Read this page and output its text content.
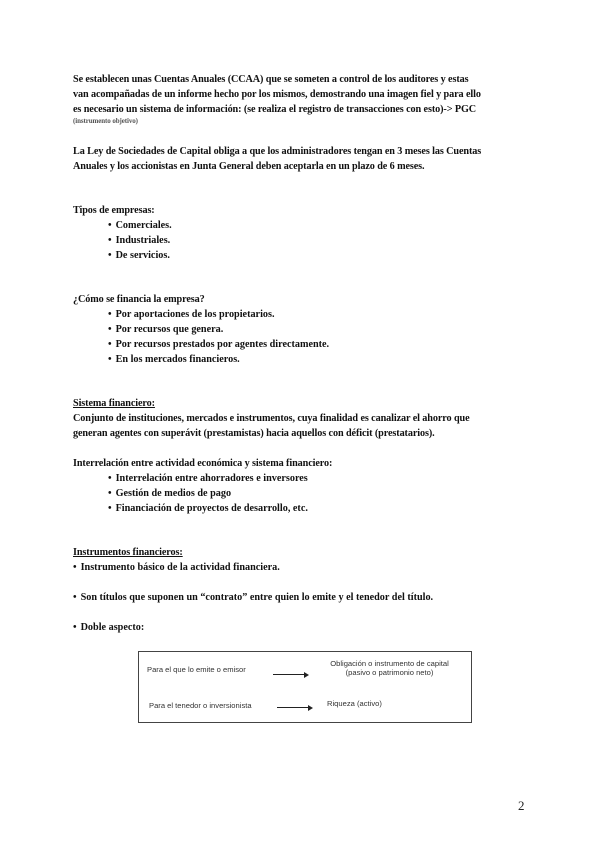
Se establecen unas Cuentas Anuales (CCAA) que se someten a control de los auditores y estas
van acompañadas de un informe hecho por los mismos, demostrando una imagen fiel y para ello
es necesario un sistema de información: (se realiza el registro de transacciones con esto)-> PGC
(instrumento objetivo)
La Ley de Sociedades de Capital obliga a que los administradores tengan en 3 meses las Cuentas
Anuales y los accionistas en Junta General deben aceptarla en un plazo de 6 meses.
Tipos de empresas:
• Comerciales.
• Industriales.
• De servicios.
¿Cómo se financia la empresa?
• Por aportaciones de los propietarios.
• Por recursos que genera.
• Por recursos prestados por agentes directamente.
• En los mercados financieros.
Sistema financiero:
Conjunto de instituciones, mercados e instrumentos, cuya finalidad es canalizar el ahorro que
generan agentes con superávit (prestamistas) hacia aquellos con déficit (prestatarios).
Interrelación entre actividad económica y sistema financiero:
• Interrelación entre ahorradores e inversores
• Gestión de medios de pago
• Financiación de proyectos de desarrollo, etc.
Instrumentos financieros:
• Instrumento básico de la actividad financiera.
• Son títulos que suponen un “contrato” entre quien lo emite y el tenedor del título.
• Doble aspecto:
Para el que lo emite o emisor
Obligación o instrumento de capital
(pasivo o patrimonio neto)
Para el tenedor o inversionista	Riqueza (activo)
2
